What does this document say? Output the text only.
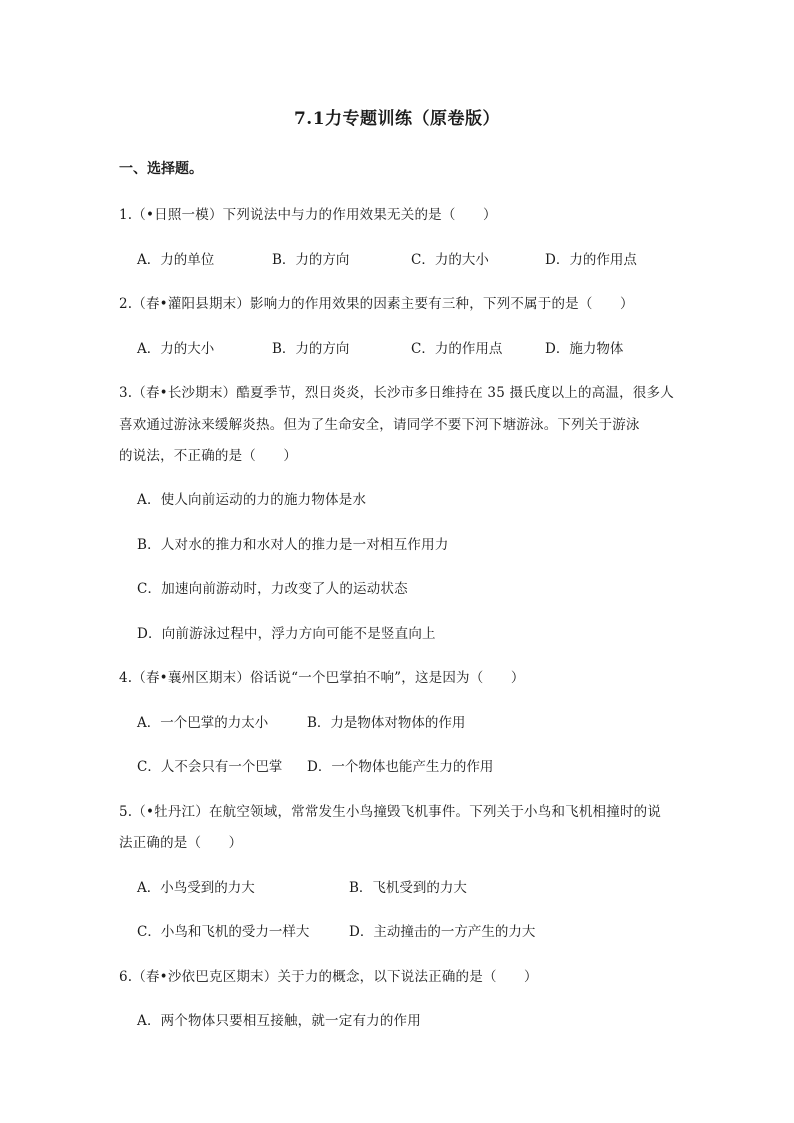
7.1力专题训练（原卷版）
一、选择题。
1.（•日照一模）下列说法中与力的作用效果无关的是（　　）
A．力的单位	B．力的方向	C．力的大小	D．力的作用点
2.（春•灌阳县期末）影响力的作用效果的因素主要有三种，下列不属于的是（　　）
A．力的大小	B．力的方向	C．力的作用点	D．施力物体
3.（春•长沙期末）酷夏季节，烈日炎炎，长沙市多日维持在 35 摄氏度以上的高温，很多人
喜欢通过游泳来缓解炎热。但为了生命安全，请同学不要下河下塘游泳。下列关于游泳
的说法，不正确的是（　　）
A．使人向前运动的力的施力物体是水
B．人对水的推力和水对人的推力是一对相互作用力
C．加速向前游动时，力改变了人的运动状态
D．向前游泳过程中，浮力方向可能不是竖直向上
4.（春•襄州区期末）俗话说“一个巴掌拍不响”，这是因为（　　）
A．一个巴掌的力太小	B．力是物体对物体的作用
C．人不会只有一个巴掌 D．一个物体也能产生力的作用
5.（•牡丹江）在航空领域，常常发生小鸟撞毁飞机事件。下列关于小鸟和飞机相撞时的说
法正确的是（　　）
A．小鸟受到的力大	B．飞机受到的力大
C．小鸟和飞机的受力一样大	D．主动撞击的一方产生的力大
6.（春•沙依巴克区期末）关于力的概念，以下说法正确的是（　　）
A．两个物体只要相互接触，就一定有力的作用
